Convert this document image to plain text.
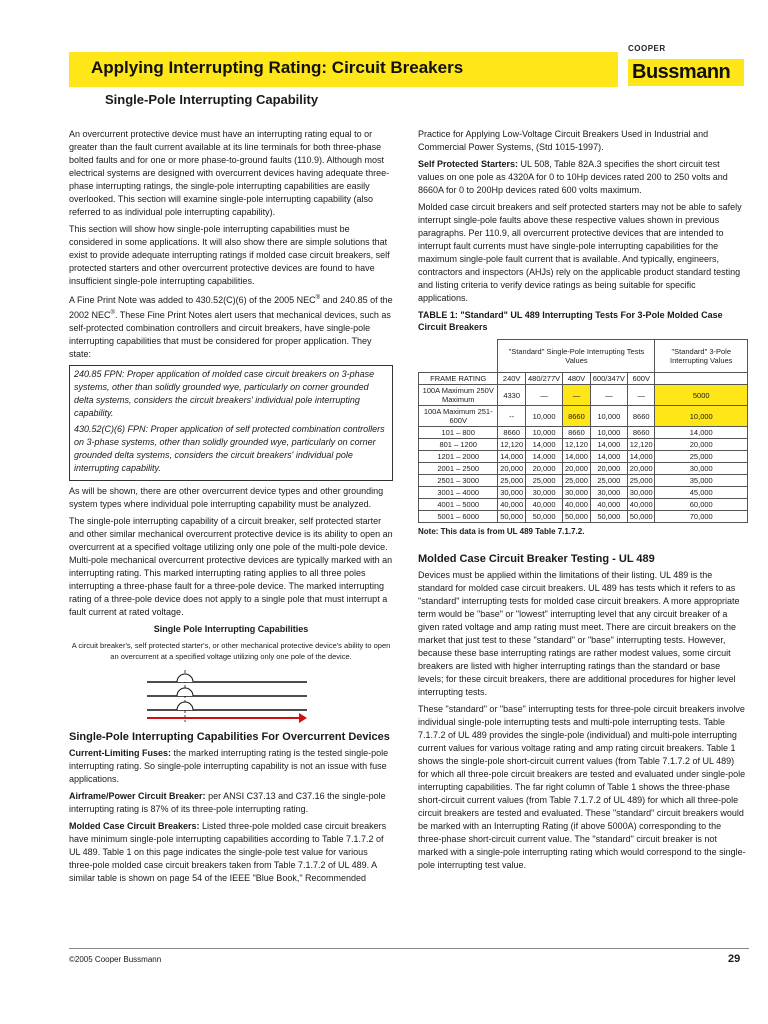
Applying Interrupting Rating: Circuit Breakers
COOPER
Bussmann
Single-Pole Interrupting Capability

An overcurrent protective device must have an interrupting rating equal to or greater than the fault current available at its line terminals for both three-phase bolted faults and for one or more phase-to-ground faults (110.9). Although most electrical systems are designed with overcurrent devices having adequate three-phase interrupting ratings, the single-pole interrupting capabilities are easily overlooked. This section will examine single-pole interrupting capability (also referred to as individual pole interrupting capability).

This section will show how single-pole interrupting capabilities must be considered in some applications. It will also show there are simple solutions that exist to provide adequate interrupting ratings if molded case circuit breakers, self protected starters and other overcurrent protective devices are found to have insufficient single-pole interrupting capabilities.

A Fine Print Note was added to 430.52(C)(6) of the 2005 NEC® and 240.85 of the 2002 NEC®. These Fine Print Notes alert users that mechanical devices, such as self-protected combination controllers and circuit breakers, have single-pole interrupting capabilities that must be considered for proper application. They state:

240.85 FPN: Proper application of molded case circuit breakers on 3-phase systems, other than solidly grounded wye, particularly on corner grounded delta systems, considers the circuit breakers' individual pole interrupting capability.

430.52(C)(6) FPN: Proper application of self protected combination controllers on 3-phase systems, other than solidly grounded wye, particularly on corner grounded delta systems, considers the circuit breakers' individual pole interrupting capability.

As will be shown, there are other overcurrent device types and other grounding system types where individual pole interrupting capability must be analyzed.

The single-pole interrupting capability of a circuit breaker, self protected starter and other similar mechanical overcurrent protective device is its ability to open an overcurrent at a specified voltage utilizing only one pole of the multi-pole device. Multi-pole mechanical overcurrent protective devices are typically marked with an interrupting rating. This marked interrupting rating applies to all three poles interrupting a three-phase fault for a three-pole device. The marked interrupting rating of a three-pole device does not apply to a single pole that must interrupt a fault current at rated voltage.

Single Pole Interrupting Capabilities
A circuit breaker's, self protected starter's, or other mechanical protective device's ability to open an overcurrent at a specified voltage utilizing only one pole of the device.
Single-Pole Interrupting Capabilities For Overcurrent Devices

Current-Limiting Fuses: the marked interrupting rating is the tested single-pole interrupting rating. So single-pole interrupting capability is not an issue with fuse applications.

Airframe/Power Circuit Breaker: per ANSI C37.13 and C37.16 the single-pole interrupting rating is 87% of its three-pole interrupting rating.

Molded Case Circuit Breakers: Listed three-pole molded case circuit breakers have minimum single-pole interrupting capabilities according to Table 7.1.7.2 of UL 489. Table 1 on this page indicates the single-pole test value for various three-pole molded case circuit breakers taken from Table 7.1.7.2 of UL 489. A similar table is shown on page 54 of the IEEE "Blue Book," Recommended

Practice for Applying Low-Voltage Circuit Breakers Used in Industrial and Commercial Power Systems, (Std 1015-1997).

Self Protected Starters: UL 508, Table 82A.3 specifies the short circuit test values on one pole as 4320A for 0 to 10Hp devices rated 200 to 250 volts and 8660A for 0 to 200Hp devices rated 600 volts maximum.

Molded case circuit breakers and self protected starters may not be able to safely interrupt single-pole faults above these respective values shown in previous paragraphs. Per 110.9, all overcurrent protective devices that are intended to interrupt fault currents must have single-pole interrupting capabilities for the maximum single-pole fault current that is available. And typically, engineers, contractors and inspectors (AHJs) rely on the applicable product standard testing and listing criteria to verify device ratings as being suitable for specific applications.

TABLE 1: "Standard" UL 489 Interrupting Tests For 3-Pole Molded Case Circuit Breakers
	"Standard" Single-Pole Interrupting Tests Values					"Standard" 3-Pole Interrupting Values
FRAME RATING	240V	480/277V	480V	600/347V	600V	
100A Maximum 250V Maximum	4330	—	—	—	—	5000
100A Maximum 251-600V	--	10,000	8660	10,000	8660	10,000
101 – 800	8660	10,000	8660	10,000	8660	14,000
801 – 1200	12,120	14,000	12,120	14,000	12,120	20,000
1201 – 2000	14,000	14,000	14,000	14,000	14,000	25,000
2001 – 2500	20,000	20,000	20,000	20,000	20,000	30,000
2501 – 3000	25,000	25,000	25,000	25,000	25,000	35,000
3001 – 4000	30,000	30,000	30,000	30,000	30,000	45,000
4001 – 5000	40,000	40,000	40,000	40,000	40,000	60,000
5001 – 6000	50,000	50,000	50,000	50,000	50,000	70,000
Note: This data is from UL 489 Table 7.1.7.2.
Molded Case Circuit Breaker Testing - UL 489

Devices must be applied within the limitations of their listing. UL 489 is the standard for molded case circuit breakers. UL 489 has tests which it refers to as "standard" interrupting tests for molded case circuit breakers. A more appropriate term would be "base" or "lowest" interrupting level that any circuit breaker of a given rated voltage and amp rating must meet. There are circuit breakers on the market that just test to these "standard" or "base" interrupting tests. However, because these base interrupting ratings are rather modest values, some circuit breakers are listed with higher interrupting ratings than the standard or base levels; for these circuit breakers, there are additional procedures for higher level interrupting tests.

These "standard" or "base" interrupting tests for three-pole circuit breakers involve individual single-pole interrupting tests and multi-pole interrupting tests. Table 7.1.7.2 of UL 489 provides the single-pole (individual) and multi-pole interrupting current values for various voltage rating and amp rating circuit breakers. Table 1 shows the single-pole short-circuit current values (from Table 7.1.7.2 of UL 489) for which all three-pole circuit breakers are tested and evaluated under single-pole interrupting capabilities. The far right column of Table 1 shows the three-phase short-circuit current values (from Table 7.1.7.2 of UL 489) for which all three-pole circuit breakers are tested and evaluated. These "standard" circuit breakers would be marked with an Interrupting Rating (if above 5000A) corresponding to the three-phase short-circuit current value. The "standard" circuit breaker is not marked with a single-pole interrupting rating which would correspond to the single-pole interrupting test value.

©2005 Cooper Bussmann	29
